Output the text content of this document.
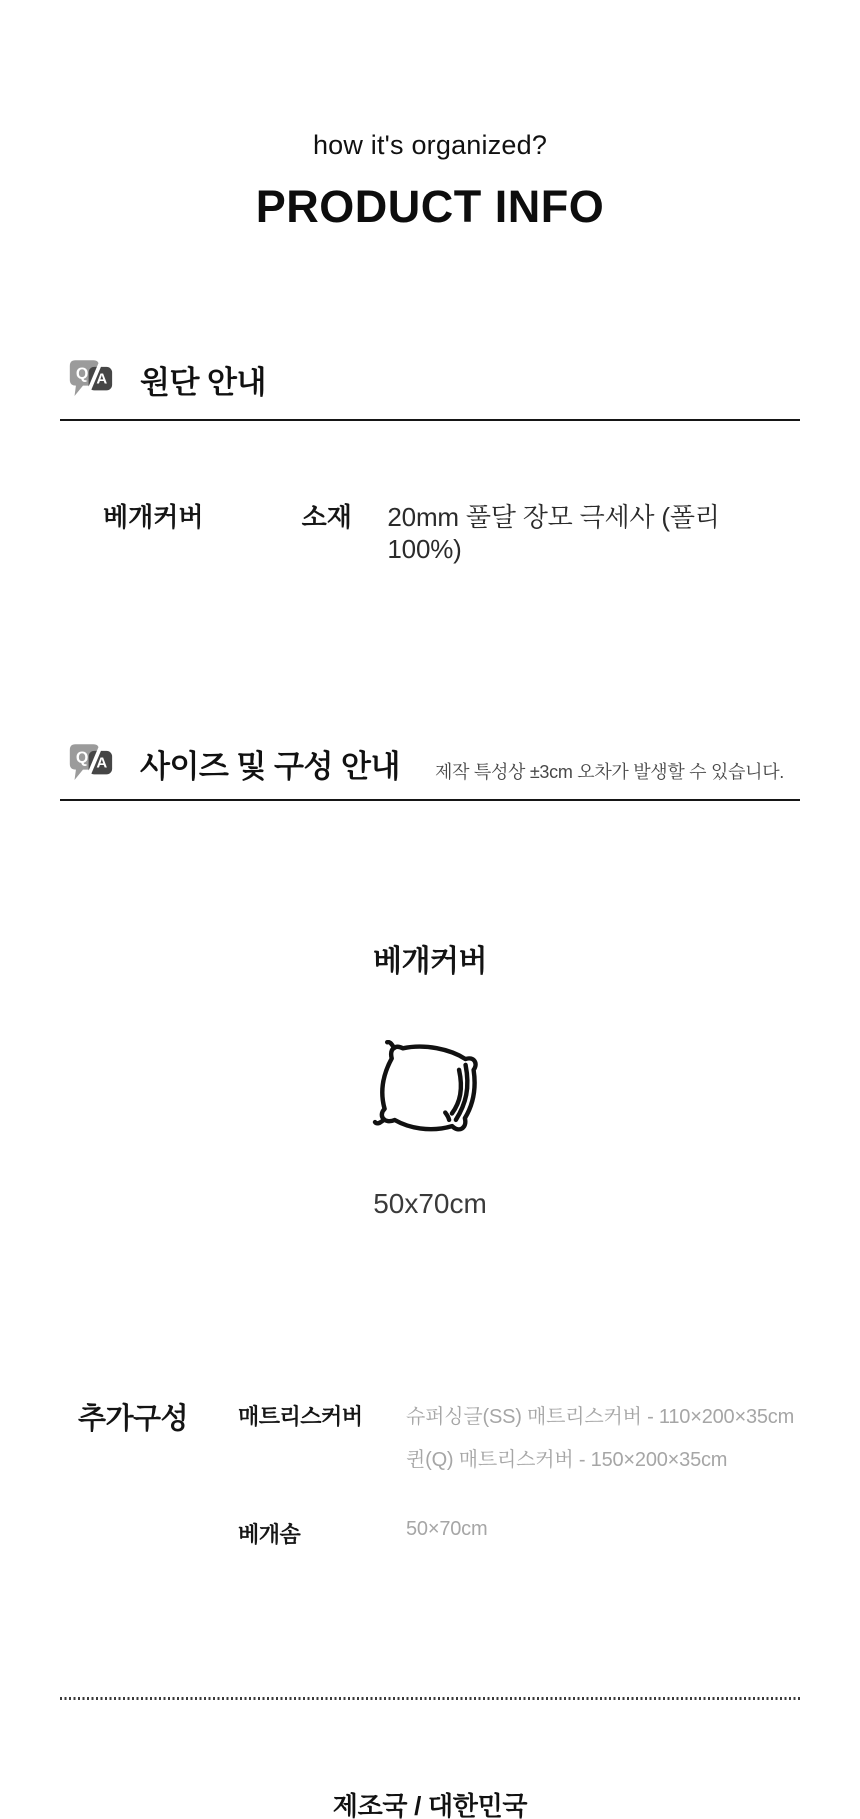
how it's organized?
PRODUCT INFO
Q A 원단 안내
베개커버	소재	20mm 풀달 장모 극세사 (폴리 100%)
Q A 사이즈 및 구성 안내 제작 특성상 ±3cm 오차가 발생할 수 있습니다.
베개커버
50x70cm
추가구성	매트리스커버	슈퍼싱글(SS) 매트리스커버 - 110×200×35cm
퀸(Q) 매트리스커버 - 150×200×35cm
베개솜	50×70cm
제조국 / 대한민국
